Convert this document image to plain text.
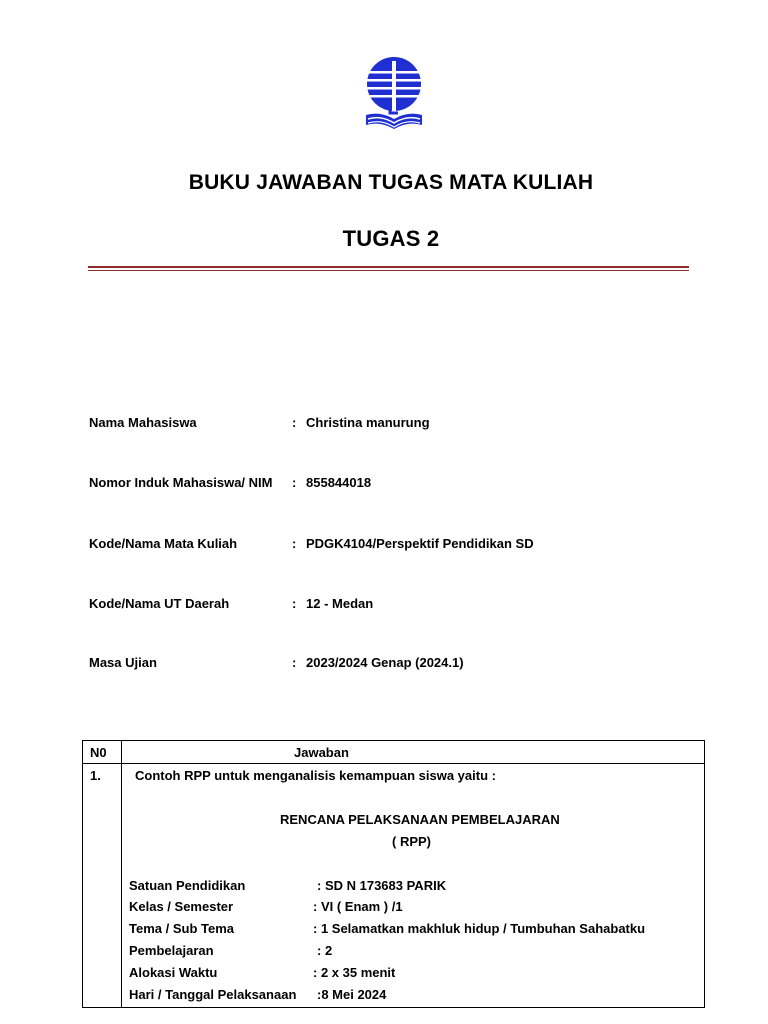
BUKU JAWABAN TUGAS MATA KULIAH
TUGAS 2
Nama Mahasiswa	: Christina manurung
Nomor Induk Mahasiswa/ NIM : 855844018
Kode/Nama Mata Kuliah	: PDGK4104/Perspektif Pendidikan SD
Kode/Nama UT Daerah	: 12 - Medan
Masa Ujian	: 2023/2024 Genap (2024.1)
N0	Jawaban
1.	Contoh RPP untuk menganalisis kemampuan siswa yaitu :
RENCANA PELAKSANAAN PEMBELAJARAN
( RPP)
Satuan Pendidikan	: SD N 173683 PARIK
Kelas / Semester	: VI ( Enam ) /1
Tema / Sub Tema	: 1 Selamatkan makhluk hidup / Tumbuhan Sahabatku
Pembelajaran	: 2
Alokasi Waktu	: 2 x 35 menit
Hari / Tanggal Pelaksanaan :8 Mei 2024
